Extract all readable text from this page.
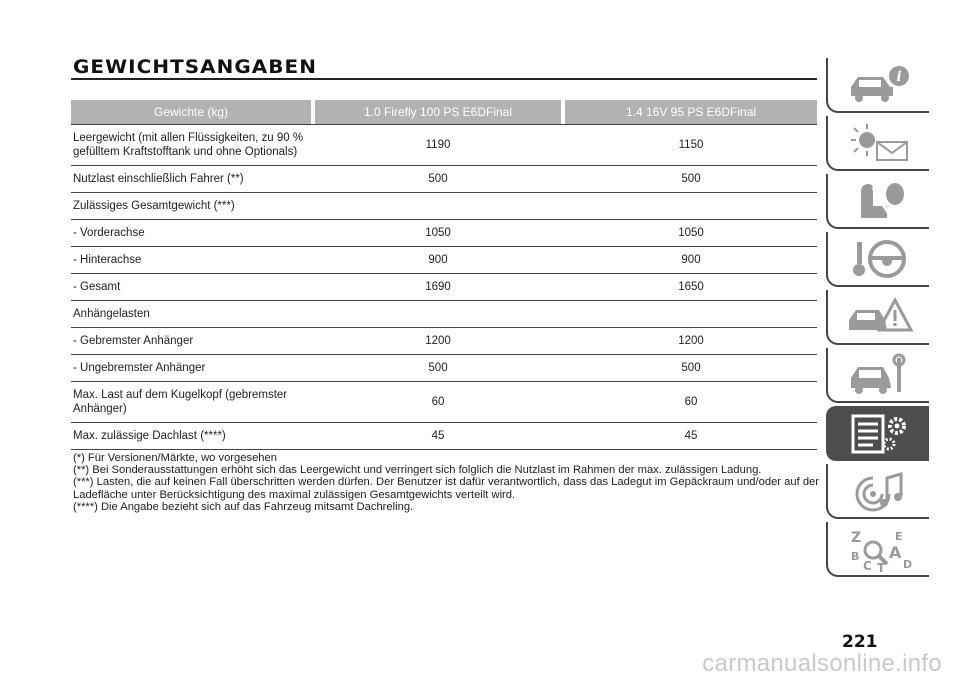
GEWICHTSANGABEN
Gewichte (kg)		1.0 Firefly 100 PS E6DFinal		1.4 16V 95 PS E6DFinal
Leergewicht (mit allen Flüssigkeiten, zu 90 % gefülltem Kraftstofftank und ohne Optionals)		1190		1150
Nutzlast einschließlich Fahrer (**)		500		500
Zulässiges Gesamtgewicht (***)				
- Vorderachse		1050		1050
- Hinterachse		900		900
- Gesamt		1690		1650
Anhängelasten				
- Gebremster Anhänger		1200		1200
- Ungebremster Anhänger		500		500
Max. Last auf dem Kugelkopf (gebremster Anhänger)		60		60
Max. zulässige Dachlast (****)		45		45
(*) Für Versionen/Märkte, wo vorgesehen
(**) Bei Sonderausstattungen erhöht sich das Leergewicht und verringert sich folglich die Nutzlast im Rahmen der max. zulässigen Ladung.
(***) Lasten, die auf keinen Fall überschritten werden dürfen. Der Benutzer ist dafür verantwortlich, dass das Ladegut im Gepäckraum und/oder auf der Ladefläche unter Berücksichtigung des maximal zulässigen Gesamtgewichts verteilt wird.
(****) Die Angabe bezieht sich auf das Fahrzeug mitsamt Dachreling.
i
Z	E
B A
C	D
T
221
carmanualsonline.info
